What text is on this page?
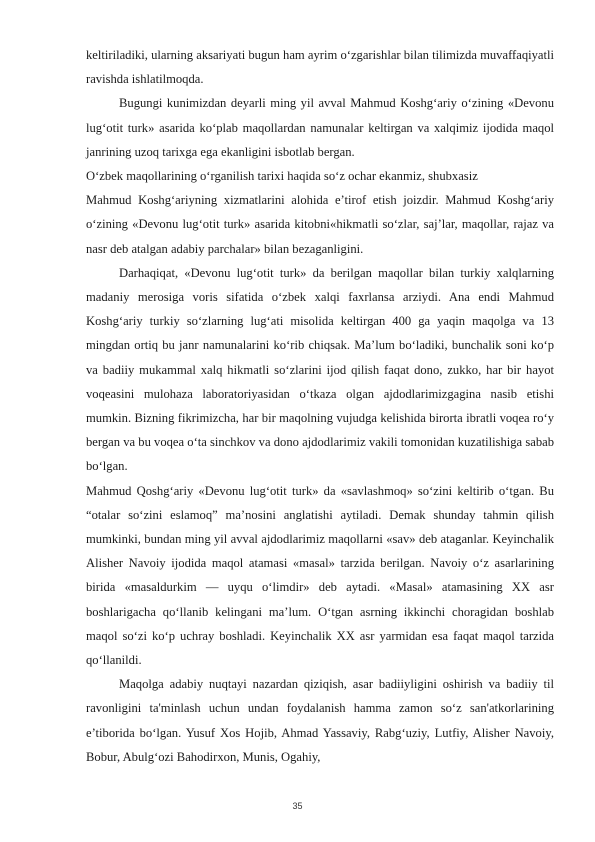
keltiriladiki, ularning aksariyati bugun ham ayrim o‘zgarishlar bilan tilimizda muvaffaqiyatli ravishda ishlatilmoqda.

Bugungi kunimizdan deyarli ming yil avval Mahmud Koshg‘ariy o‘zining «Devonu lug‘otit turk» asarida ko‘plab maqollardan namunalar keltirgan va xalqimiz ijodida maqol janrining uzoq tarixga ega ekanligini isbotlab bergan.

O‘zbek maqollarining o‘rganilish tarixi haqida so‘z ochar ekanmiz, shubxasiz

Mahmud Koshg‘ariyning xizmatlarini alohida e’tirof etish joizdir. Mahmud Koshg‘ariy o‘zining «Devonu lug‘otit turk» asarida kitobni«hikmatli so‘zlar, saj’lar, maqollar, rajaz va nasr deb atalgan adabiy parchalar» bilan bezaganligini.

Darhaqiqat, «Devonu lug‘otit turk» da berilgan maqollar bilan turkiy xalqlarning madaniy merosiga voris sifatida o‘zbek xalqi faxrlansa arziydi. Ana endi Mahmud Koshg‘ariy turkiy so‘zlarning lug‘ati misolida keltirgan 400 ga yaqin maqolga va 13 mingdan ortiq bu janr namunalarini ko‘rib chiqsak. Ma’lum bo‘ladiki, bunchalik soni ko‘p va badiiy mukammal xalq hikmatli so‘zlarini ijod qilish faqat dono, zukko, har bir hayot voqeasini mulohaza laboratoriyasidan o‘tkaza olgan ajdodlarimizgagina nasib etishi mumkin. Bizning fikrimizcha, har bir maqolning vujudga kelishida birorta ibratli voqea ro‘y bergan va bu voqea o‘ta sinchkov va dono ajdodlarimiz vakili tomonidan kuzatilishiga sabab bo‘lgan.

Mahmud Qoshg‘ariy «Devonu lug‘otit turk» da «savlashmoq» so‘zini keltirib o‘tgan. Bu “otalar so‘zini eslamoq” ma’nosini anglatishi aytiladi. Demak shunday tahmin qilish mumkinki, bundan ming yil avval ajdodlarimiz maqollarni «sav» deb ataganlar. Keyinchalik Alisher Navoiy ijodida maqol atamasi «masal» tarzida berilgan. Navoiy o‘z asarlarining birida «masaldurkim — uyqu o‘limdir» deb aytadi. «Masal» atamasining XX asr boshlarigacha qo‘llanib kelingani ma’lum. O‘tgan asrning ikkinchi choragidan boshlab maqol so‘zi ko‘p uchray boshladi. Keyinchalik XX asr yarmidan esa faqat maqol tarzida qo‘llanildi.

Maqolga adabiy nuqtayi nazardan qiziqish, asar badiiyligini oshirish va badiiy til ravonligini ta'minlash uchun undan foydalanish hamma zamon so‘z san'atkorlarining e’tiborida bo‘lgan. Yusuf Xos Hojib, Ahmad Yassaviy, Rabg‘uziy, Lutfiy, Alisher Navoiy, Bobur, Abulg‘ozi Bahodirxon, Munis, Ogahiy,

35
